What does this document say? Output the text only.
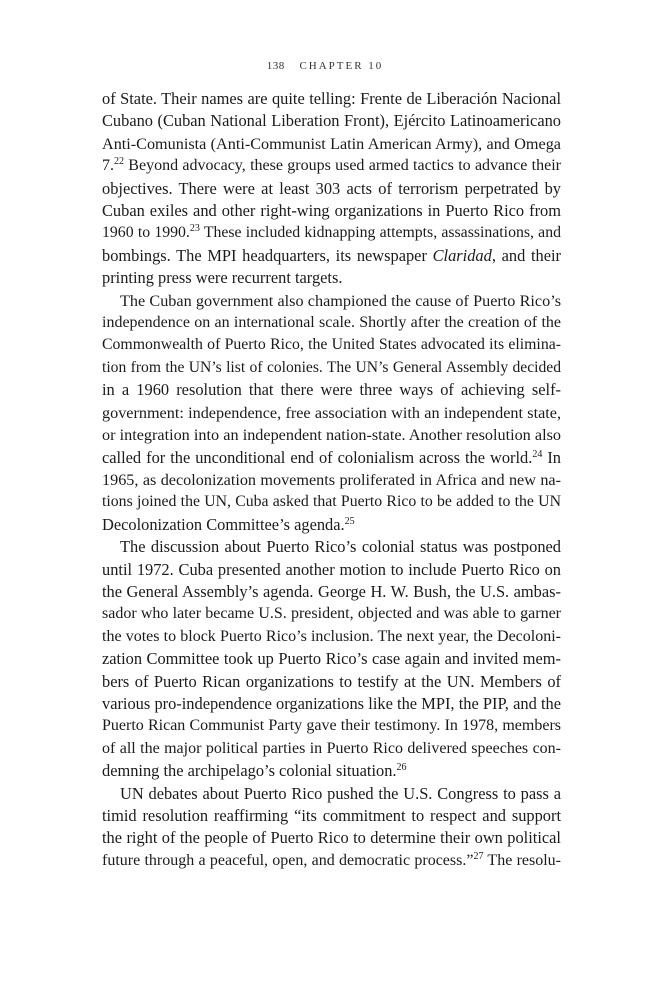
138 CHAPTER 10
of State. Their names are quite telling: Frente de Liberación Nacional
Cubano (Cuban National Liberation Front), Ejército Latinoamericano
Anti-Comunista (Anti-Communist Latin American Army), and Omega
7.22 Beyond advocacy, these groups used armed tactics to advance their
objectives. There were at least 303 acts of terrorism perpetrated by
Cuban exiles and other right-wing organizations in Puerto Rico from
1960 to 1990.23 These included kidnapping attempts, assassinations, and
bombings. The MPI headquarters, its newspaper Claridad, and their
printing press were recurrent targets.
The Cuban government also championed the cause of Puerto Rico’s
independence on an international scale. Shortly after the creation of the
Commonwealth of Puerto Rico, the United States advocated its elimina-
tion from the UN’s list of colonies. The UN’s General Assembly decided
in a 1960 resolution that there were three ways of achieving self-
government: independence, free association with an independent state,
or integration into an independent nation-state. Another resolution also
called for the unconditional end of colonialism across the world.$^{24}$ In
1965, as decolonization movements proliferated in Africa and new na-
tions joined the UN, Cuba asked that Puerto Rico to be added to the UN
Decolonization Committee’s agenda.$^{25}$
The discussion about Puerto Rico’s colonial status was postponed
until 1972. Cuba presented another motion to include Puerto Rico on
the General Assembly’s agenda. George H. W. Bush, the U.S. ambas-
sador who later became U.S. president, objected and was able to garner
the votes to block Puerto Rico’s inclusion. The next year, the Decoloni-
zation Committee took up Puerto Rico’s case again and invited mem-
bers of Puerto Rican organizations to testify at the UN. Members of
various pro-independence organizations like the MPI, the PIP, and the
Puerto Rican Communist Party gave their testimony. In 1978, members
of all the major political parties in Puerto Rico delivered speeches con-
demning the archipelago’s colonial situation.$^{26}$
UN debates about Puerto Rico pushed the U.S. Congress to pass a
timid resolution reaffirming “its commitment to respect and support
the right of the people of Puerto Rico to determine their own political
future through a peaceful, open, and democratic process.”$^{27}$ The resolu-
